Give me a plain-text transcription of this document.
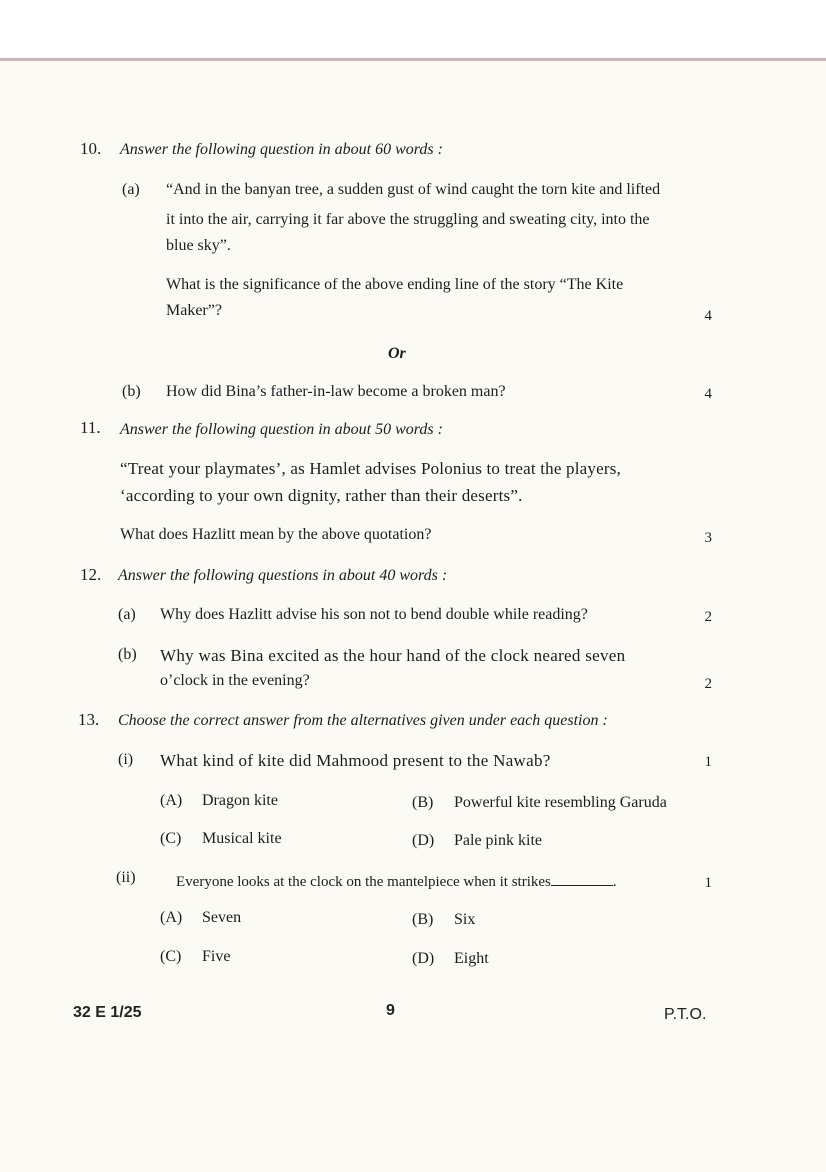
10. Answer the following question in about 60 words :
(a) “And in the banyan tree, a sudden gust of wind caught the torn kite and lifted
it into the air, carrying it far above the struggling and sweating city, into the
blue sky”.
What is the significance of the above ending line of the story “The Kite
Maker”?	4
Or
(b) How did Bina’s father-in-law become a broken man?	4
11. Answer the following question in about 50 words :
“Treat your playmates’, as Hamlet advises Polonius to treat the players,
‘according to your own dignity, rather than their deserts”.
What does Hazlitt mean by the above quotation?	3
12. Answer the following questions in about 40 words :
(a) Why does Hazlitt advise his son not to bend double while reading?	2
(b) Why was Bina excited as the hour hand of the clock neared seven
o’clock in the evening?	2
13. Choose the correct answer from the alternatives given under each question :
(i) What kind of kite did Mahmood present to the Nawab?	1
(A) Dragon kite	(B) Powerful kite resembling Garuda
(C) Musical kite	(D) Pale pink kite
(ii)	Everyone looks at the clock on the mantelpiece when it strikes	.	1
(A) Seven	(B) Six
(C) Five	(D) Eight
32 E 1/25	9	P.T.O.
